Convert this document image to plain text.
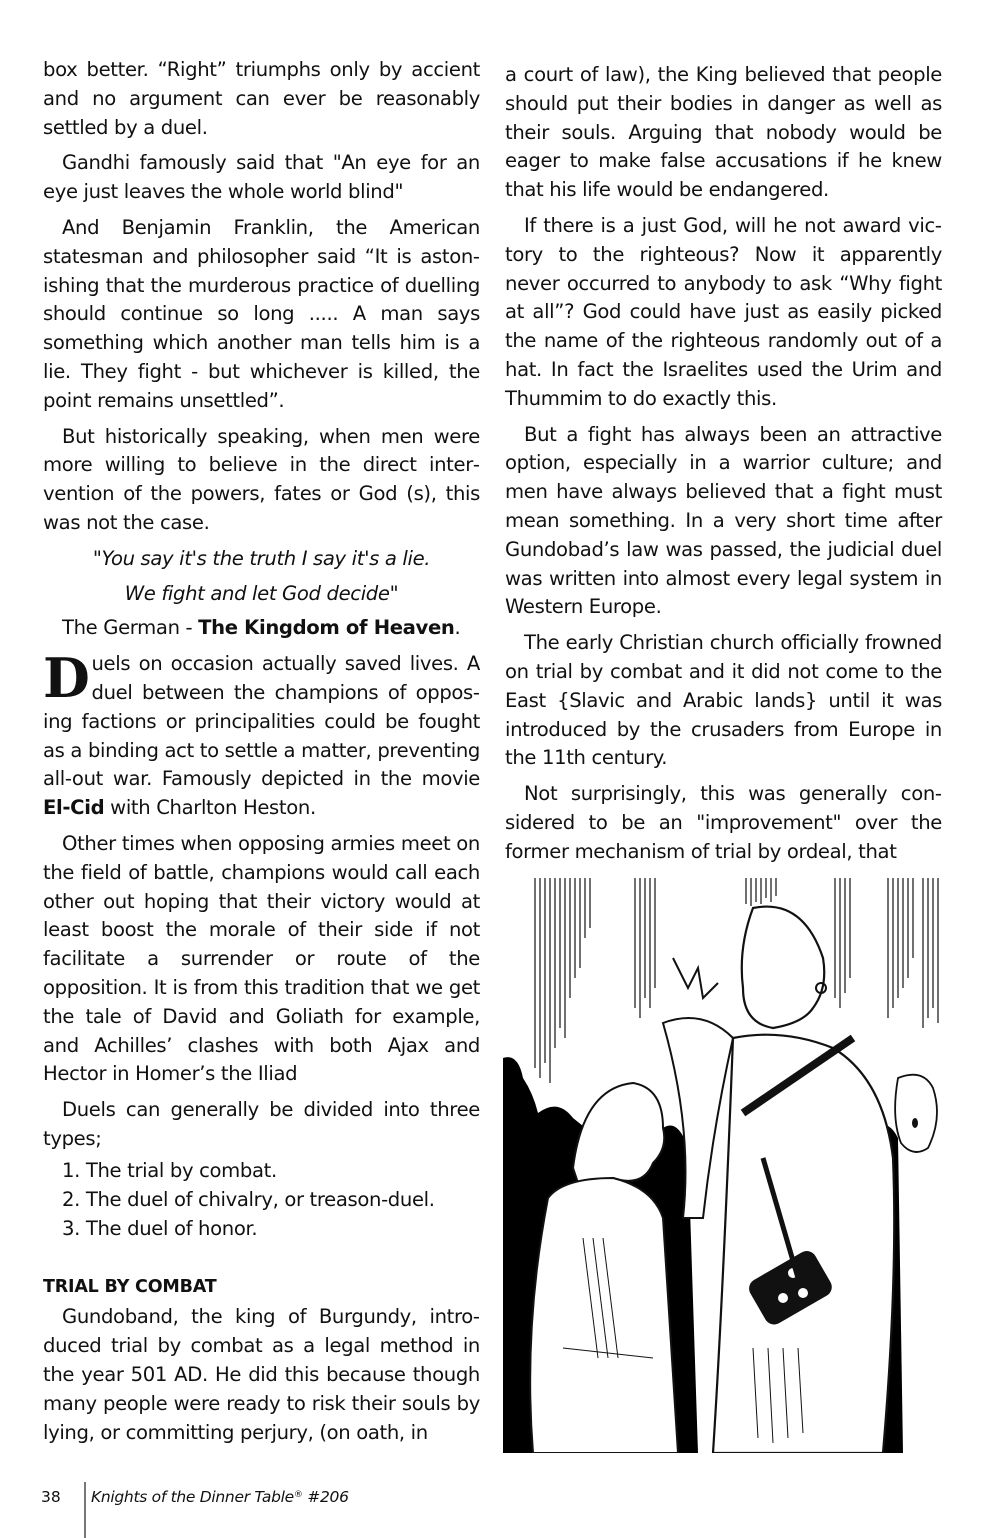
box better. “Right” triumphs only by accient and no argument can ever be reasonably settled by a duel.

Gandhi famously said that "An eye for an eye just leaves the whole world blind"

And Benjamin Franklin, the American statesman and philosopher said “It is astonishing that the murderous practice of duelling should continue so long ..... A man says something which another man tells him is a lie. They fight - but whichever is killed, the point remains unsettled”.

But historically speaking, when men were more willing to believe in the direct intervention of the powers, fates or God (s), this was not the case.

"You say it's the truth I say it's a lie.

We fight and let God decide"

The German - The Kingdom of Heaven.

Duels on occasion actually saved lives. A duel between the champions of opposing factions or principalities could be fought as a binding act to settle a matter, preventing all-out war. Famously depicted in the movie El-Cid with Charlton Heston.

Other times when opposing armies meet on the field of battle, champions would call each other out hoping that their victory would at least boost the morale of their side if not facilitate a surrender or route of the opposition. It is from this tradition that we get the tale of David and Goliath for example, and Achilles’ clashes with both Ajax and Hector in Homer’s the Iliad

Duels can generally be divided into three types;

1. The trial by combat.
2. The duel of chivalry, or treason-duel.
3. The duel of honor.
TRIAL BY COMBAT

Gundoband, the king of Burgundy, introduced trial by combat as a legal method in the year 501 AD. He did this because though many people were ready to risk their souls by lying, or committing perjury, (on oath, in

a court of law), the King believed that people should put their bodies in danger as well as their souls. Arguing that nobody would be eager to make false accusations if he knew that his life would be endangered.

If there is a just God, will he not award victory to the righteous? Now it apparently never occurred to anybody to ask “Why fight at all”? God could have just as easily picked the name of the righteous randomly out of a hat. In fact the Israelites used the Urim and Thummim to do exactly this.

But a fight has always been an attractive option, especially in a warrior culture; and men have always believed that a fight must mean something. In a very short time after Gundobad’s law was passed, the judicial duel was written into almost every legal system in Western Europe.

The early Christian church officially frowned on trial by combat and it did not come to the East {Slavic and Arabic lands} until it was introduced by the crusaders from Europe in the 11th century.

Not surprisingly, this was generally considered to be an "improvement" over the former mechanism of trial by ordeal, that

38 Knights of the Dinner Table® #206
